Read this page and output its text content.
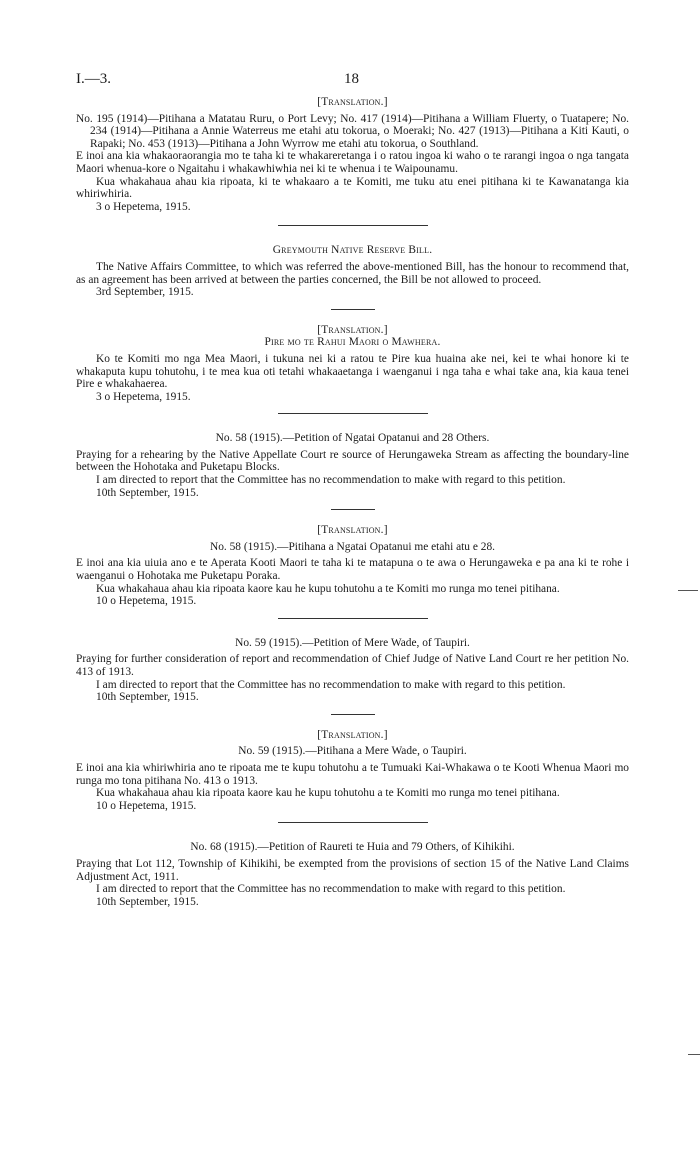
I.—3.	18
[Translation.]

No. 195 (1914)—Pitihana a Matatau Ruru, o Port Levy; No. 417 (1914)—Pitihana a William Fluerty, o Tuatapere; No. 234 (1914)—Pitihana a Annie Waterreus me etahi atu tokorua, o Moeraki; No. 427 (1913)—Pitihana a Kiti Kauti, o Rapaki; No. 453 (1913)—Pitihana a John Wyrrow me etahi atu tokorua, o Southland.

E inoi ana kia whakaoraorangia mo te taha ki te whakareretanga i o ratou ingoa ki waho o te rarangi ingoa o nga tangata Maori whenua-kore o Ngaitahu i whakawhiwhia nei ki te whenua i te Waipounamu.

Kua whakahaua ahau kia ripoata, ki te whakaaro a te Komiti, me tuku atu enei pitihana ki te Kawanatanga kia whiriwhiria.

3 o Hepetema, 1915.
Greymouth Native Reserve Bill.

The Native Affairs Committee, to which was referred the above-mentioned Bill, has the honour to recommend that, as an agreement has been arrived at between the parties concerned, the Bill be not allowed to proceed.

3rd September, 1915.
[Translation.]
Pire mo te Rahui Maori o Mawhera.

Ko te Komiti mo nga Mea Maori, i tukuna nei ki a ratou te Pire kua huaina ake nei, kei te whai honore ki te whakaputa kupu tohutohu, i te mea kua oti tetahi whakaaetanga i waenganui i nga taha e whai take ana, kia kaua tenei Pire e whakahaerea.

3 o Hepetema, 1915.
No. 58 (1915).—Petition of Ngatai Opatanui and 28 Others.

Praying for a rehearing by the Native Appellate Court re source of Herungaweka Stream as affecting the boundary-line between the Hohotaka and Puketapu Blocks.

I am directed to report that the Committee has no recommendation to make with regard to this petition.

10th September, 1915.
[Translation.]
No. 58 (1915).—Pitihana a Ngatai Opatanui me etahi atu e 28.

E inoi ana kia uiuia ano e te Aperata Kooti Maori te taha ki te matapuna o te awa o Herungaweka e pa ana ki te rohe i waenganui o Hohotaka me Puketapu Poraka.

Kua whakahaua ahau kia ripoata kaore kau he kupu tohutohu a te Komiti mo runga mo tenei pitihana.

10 o Hepetema, 1915.
No. 59 (1915).—Petition of Mere Wade, of Taupiri.

Praying for further consideration of report and recommendation of Chief Judge of Native Land Court re her petition No. 413 of 1913.

I am directed to report that the Committee has no recommendation to make with regard to this petition.

10th September, 1915.
[Translation.]
No. 59 (1915).—Pitihana a Mere Wade, o Taupiri.

E inoi ana kia whiriwhiria ano te ripoata me te kupu tohutohu a te Tumuaki Kai-Whakawa o te Kooti Whenua Maori mo runga mo tona pitihana No. 413 o 1913.

Kua whakahaua ahau kia ripoata kaore kau he kupu tohutohu a te Komiti mo runga mo tenei pitihana.

10 o Hepetema, 1915.
No. 68 (1915).—Petition of Raureti te Huia and 79 Others, of Kihikihi.

Praying that Lot 112, Township of Kihikihi, be exempted from the provisions of section 15 of the Native Land Claims Adjustment Act, 1911.

I am directed to report that the Committee has no recommendation to make with regard to this petition.

10th September, 1915.
